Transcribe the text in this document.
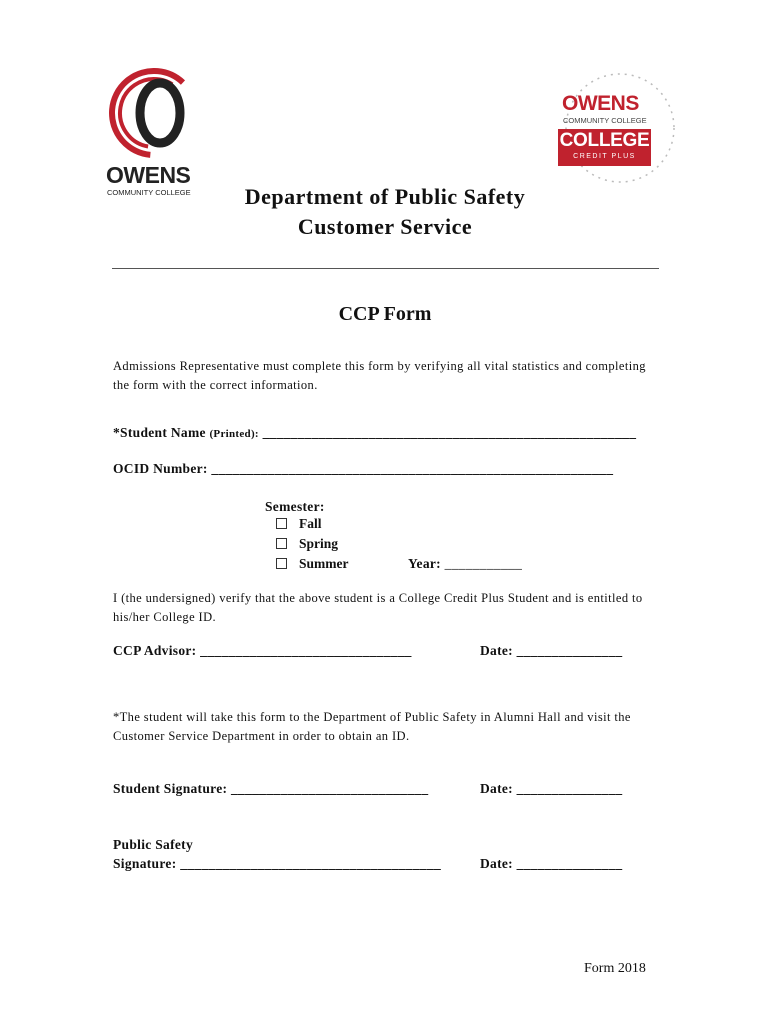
OWENS
COMMUNITY COLLEGE
OWENS
COMMUNITY COLLEGE
COLLEGE
CREDIT PLUS
Department of Public Safety
Customer Service
CCP Form
Admissions Representative must complete this form by verifying all vital statistics and completing the form with the correct information.
*Student Name (Printed): _____________________________________________________
OCID Number: _________________________________________________________
Semester:
Fall
Spring
Summer	Year: ___________
I (the undersigned) verify that the above student is a College Credit Plus Student and is entitled to his/her College ID.
CCP Advisor: ______________________________	Date: _______________
*The student will take this form to the Department of Public Safety in Alumni Hall and visit the Customer Service Department in order to obtain an ID.
Student Signature: ____________________________	Date: _______________
Public Safety
Signature: _____________________________________	Date: _______________
Form 2018
